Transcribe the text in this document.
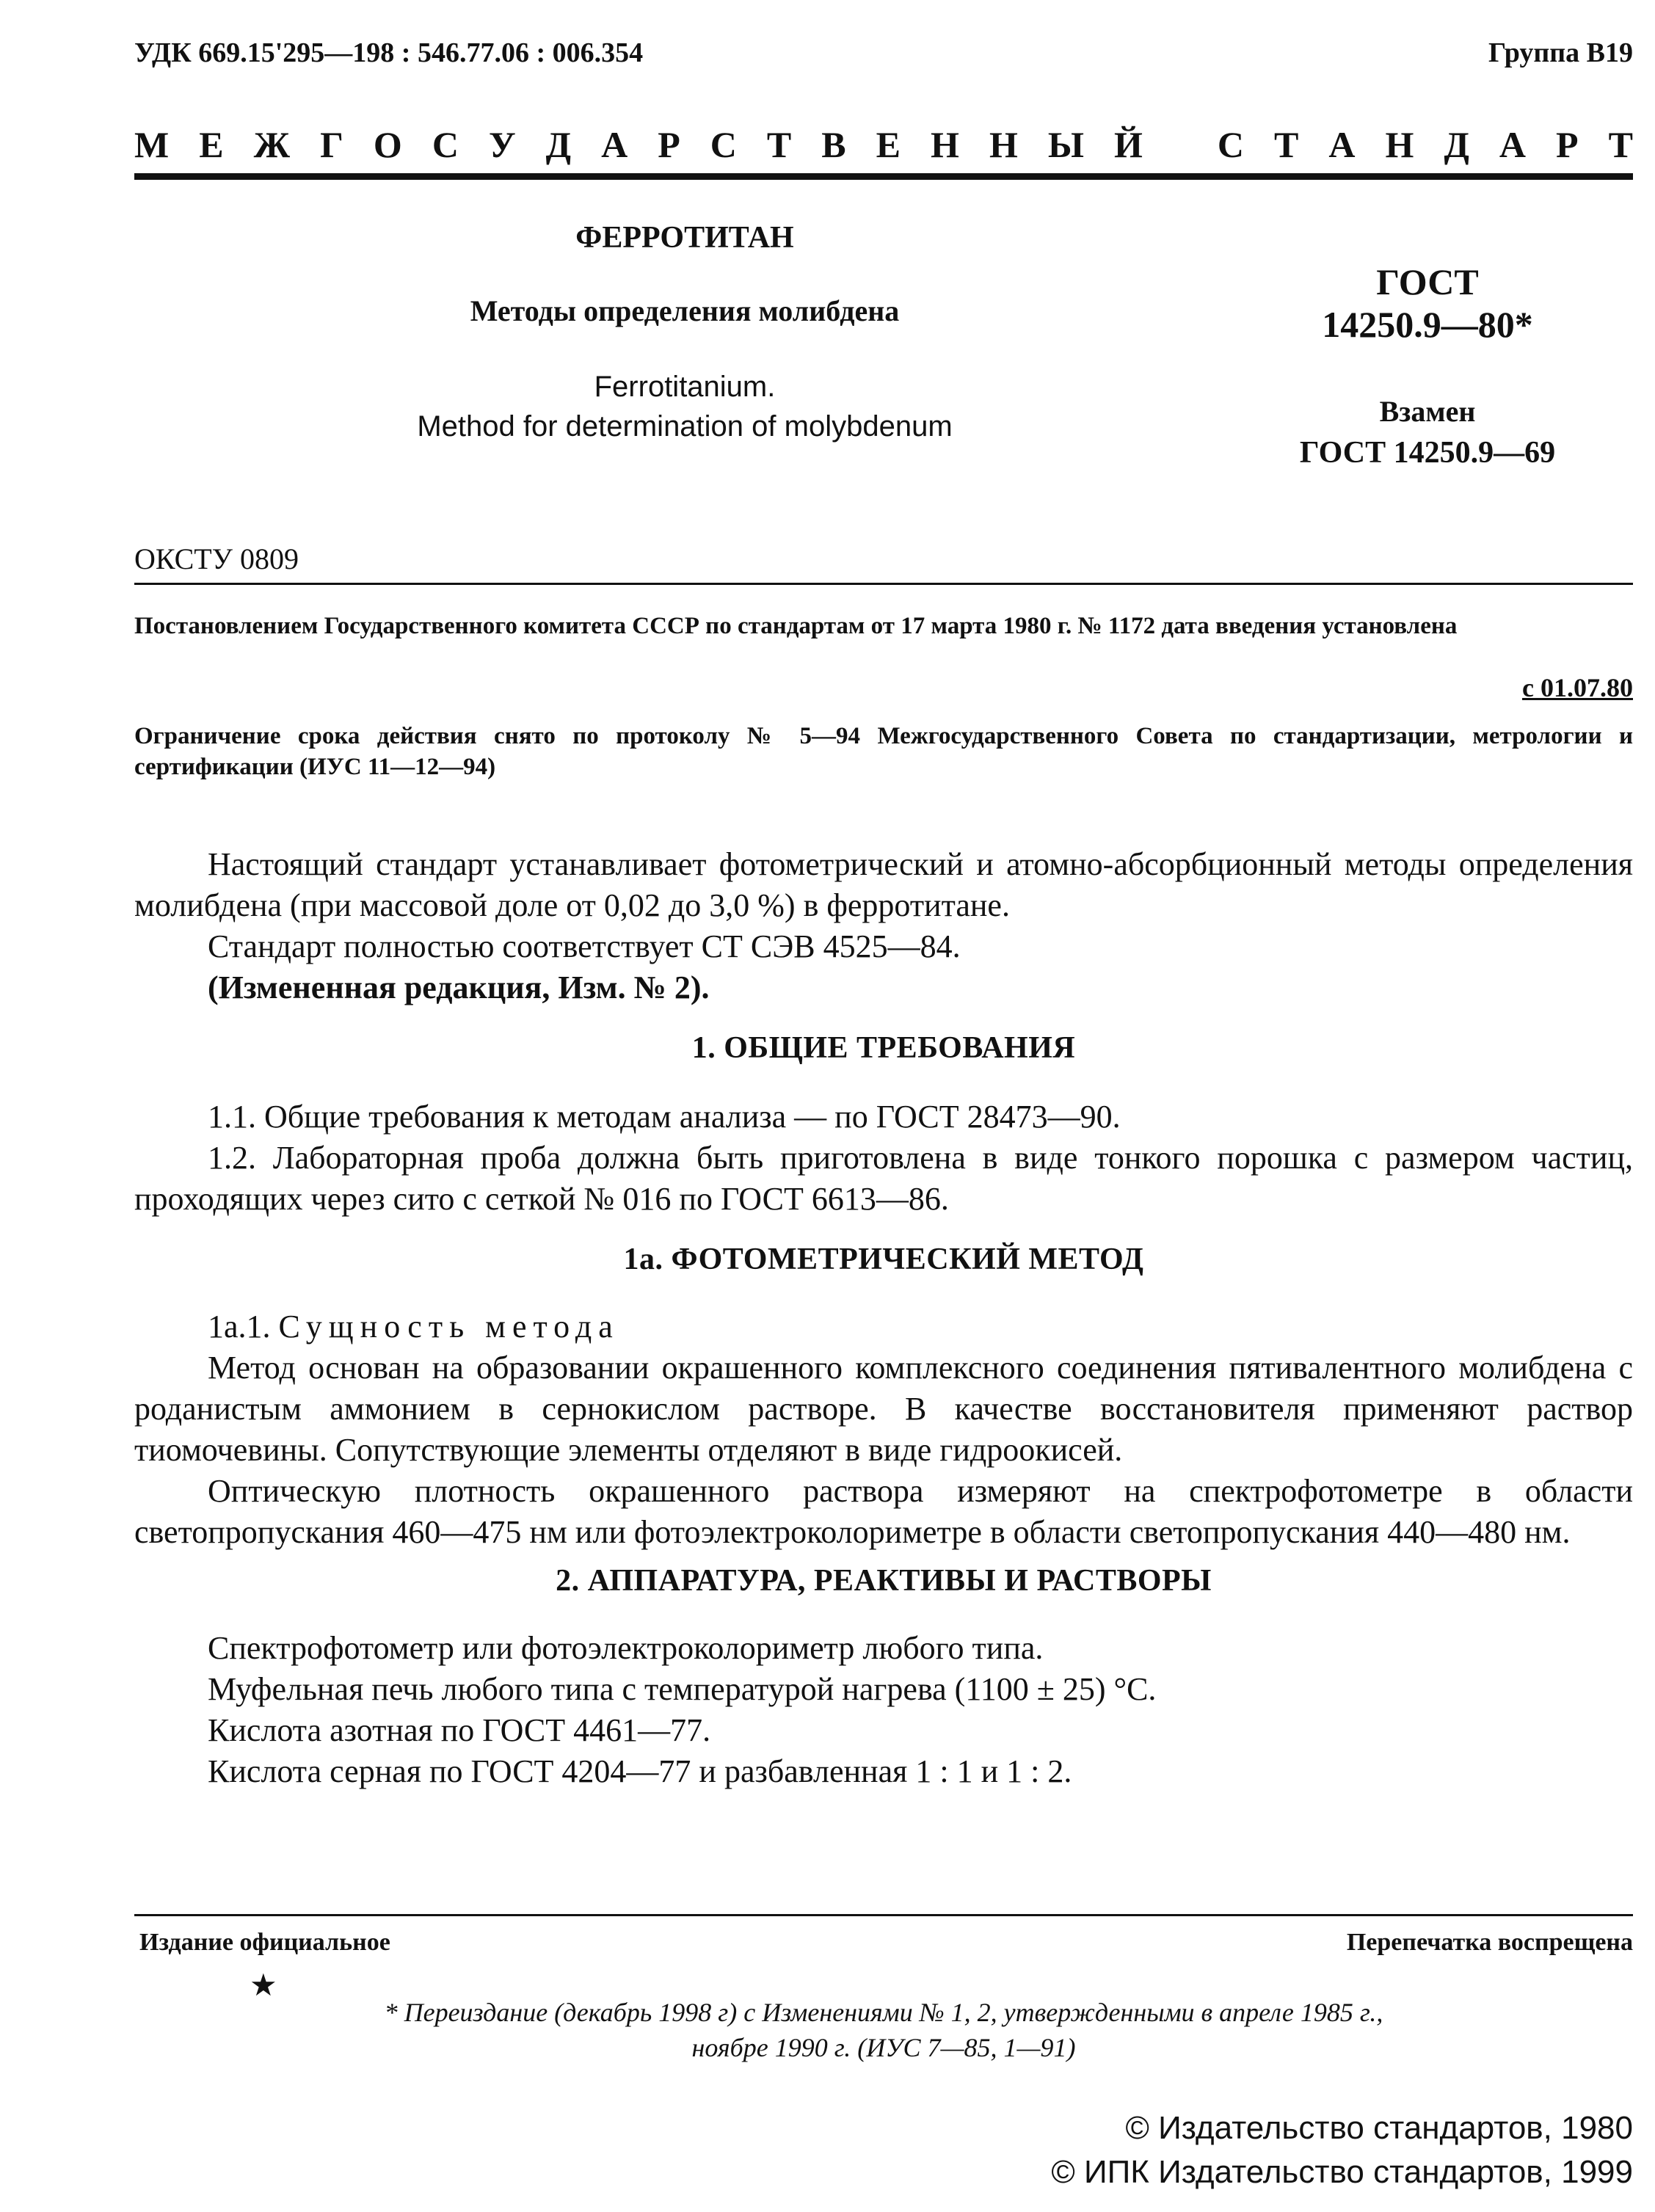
УДК 669.15'295—198 : 546.77.06 : 006.354	Группа В19
М Е Ж Г О С У Д А Р С Т В Е Н Н Ы Й С Т А Н Д А Р Т
ФЕРРОТИТАН
Методы определения молибдена
Ferrotitanium.
Method for determination of molybdenum
ГОСТ
14250.9—80*
Взамен
ГОСТ 14250.9—69
ОКСТУ 0809
Постановлением Государственного комитета СССР по стандартам от 17 марта 1980 г. № 1172 дата введения установлена
с 01.07.80
Ограничение срока действия снято по протоколу № 5—94 Межгосударственного Совета по стандартизации, метрологии и сертификации (ИУС 11—12—94)
Настоящий стандарт устанавливает фотометрический и атомно-абсорбционный методы определения молибдена (при массовой доле от 0,02 до 3,0 %) в ферротитане.
Стандарт полностью соответствует СТ СЭВ 4525—84.
(Измененная редакция, Изм. № 2).
1. ОБЩИЕ ТРЕБОВАНИЯ
1.1. Общие требования к методам анализа — по ГОСТ 28473—90.
1.2. Лабораторная проба должна быть приготовлена в виде тонкого порошка с размером частиц, проходящих через сито с сеткой № 016 по ГОСТ 6613—86.
1а. ФОТОМЕТРИЧЕСКИЙ МЕТОД
1а.1. Сущность метода
Метод основан на образовании окрашенного комплексного соединения пятивалентного молибдена с роданистым аммонием в сернокислом растворе. В качестве восстановителя применяют раствор тиомочевины. Сопутствующие элементы отделяют в виде гидроокисей.
Оптическую плотность окрашенного раствора измеряют на спектрофотометре в области светопропускания 460—475 нм или фотоэлектроколориметре в области светопропускания 440—480 нм.
2. АППАРАТУРА, РЕАКТИВЫ И РАСТВОРЫ
Спектрофотометр или фотоэлектроколориметр любого типа.
Муфельная печь любого типа с температурой нагрева (1100 ± 25) °С.
Кислота азотная по ГОСТ 4461—77.
Кислота серная по ГОСТ 4204—77 и разбавленная 1 : 1 и 1 : 2.
Издание официальное	Перепечатка воспрещена
★
* Переиздание (декабрь 1998 г) с Изменениями № 1, 2, утвержденными в апреле 1985 г.,
ноябре 1990 г. (ИУС 7—85, 1—91)
© Издательство стандартов, 1980
© ИПК Издательство стандартов, 1999
